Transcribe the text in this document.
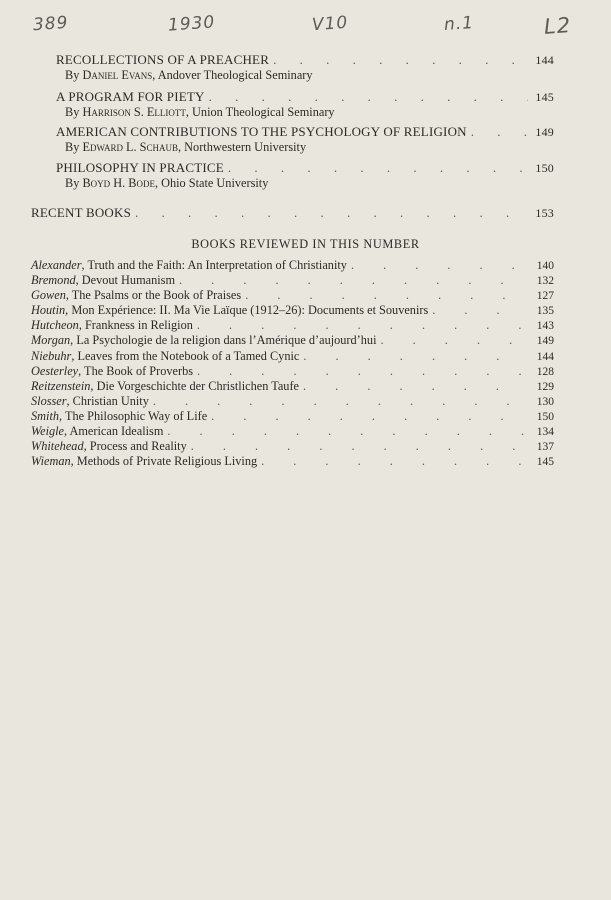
389	1930	V10	n.1	L2
RECOLLECTIONS OF A PREACHER . . .	144
By Daniel Evans, Andover Theological Seminary
A PROGRAM FOR PIETY . . .	145
By Harrison S. Elliott, Union Theological Seminary
AMERICAN CONTRIBUTIONS TO THE PSYCHOLOGY OF RELIGION . . .	149
By Edward L. Schaub, Northwestern University
PHILOSOPHY IN PRACTICE . . .	150
By Boyd H. Bode, Ohio State University
RECENT BOOKS . . .	153
BOOKS REVIEWED IN THIS NUMBER
Alexander , Truth and the Faith: An Interpretation of Christianity . . .	140
Bremond , Devout Humanism . . .	132
Gowen , The Psalms or the Book of Praises . . .	127
Houtin , Mon Expérience: II. Ma Vie Laïque (1912–26): Documents et Souvenirs . . .	135
Hutcheon , Frankness in Religion . . .	143
Morgan , La Psychologie de la religion dans l’Amérique d’aujourd’hui . . .	149
Niebuhr , Leaves from the Notebook of a Tamed Cynic . . .	144
Oesterley , The Book of Proverbs . . .	128
Reitzenstein , Die Vorgeschichte der Christlichen Taufe . . .	129
Slosser , Christian Unity . . .	130
Smith , The Philosophic Way of Life . . .	150
Weigle , American Idealism . . .	134
Whitehead , Process and Reality . . .	137
Wieman , Methods of Private Religious Living . . .	145
